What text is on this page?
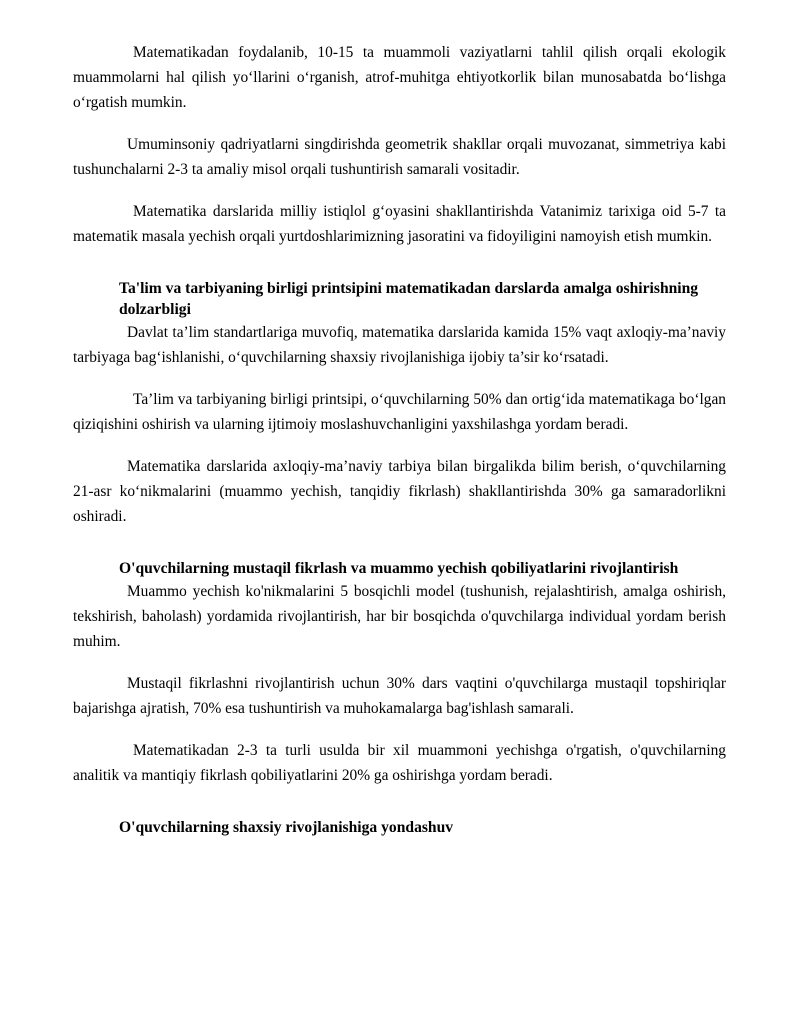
Matematikadan foydalanib, 10-15 ta muammoli vaziyatlarni tahlil qilish orqali ekologik muammolarni hal qilish yo‘llarini o‘rganish, atrof-muhitga ehtiyotkorlik bilan munosabatda bo‘lishga o‘rgatish mumkin.

Umuminsoniy qadriyatlarni singdirishda geometrik shakllar orqali muvozanat, simmetriya kabi tushunchalarni 2-3 ta amaliy misol orqali tushuntirish samarali vositadir.

Matematika darslarida milliy istiqlol g‘oyasini shakllantirishda Vatanimiz tarixiga oid 5-7 ta matematik masala yechish orqali yurtdoshlarimizning jasoratini va fidoyiligini namoyish etish mumkin.

Ta'lim va tarbiyaning birligi printsipini matematikadan darslarda amalga oshirishning dolzarbligi

Davlat ta’lim standartlariga muvofiq, matematika darslarida kamida 15% vaqt axloqiy-ma’naviy tarbiyaga bag‘ishlanishi, o‘quvchilarning shaxsiy rivojlanishiga ijobiy ta’sir ko‘rsatadi.

Ta’lim va tarbiyaning birligi printsipi, o‘quvchilarning 50% dan ortig‘ida matematikaga bo‘lgan qiziqishini oshirish va ularning ijtimoiy moslashuvchanligini yaxshilashga yordam beradi.

Matematika darslarida axloqiy-ma’naviy tarbiya bilan birgalikda bilim berish, o‘quvchilarning 21-asr ko‘nikmalarini (muammo yechish, tanqidiy fikrlash) shakllantirishda 30% ga samaradorlikni oshiradi.

O'quvchilarning mustaqil fikrlash va muammo yechish qobiliyatlarini rivojlantirish

Muammo yechish ko'nikmalarini 5 bosqichli model (tushunish, rejalashtirish, amalga oshirish, tekshirish, baholash) yordamida rivojlantirish, har bir bosqichda o'quvchilarga individual yordam berish muhim.

Mustaqil fikrlashni rivojlantirish uchun 30% dars vaqtini o'quvchilarga mustaqil topshiriqlar bajarishga ajratish, 70% esa tushuntirish va muhokamalarga bag'ishlash samarali.

Matematikadan 2-3 ta turli usulda bir xil muammoni yechishga o'rgatish, o'quvchilarning analitik va mantiqiy fikrlash qobiliyatlarini 20% ga oshirishga yordam beradi.

O'quvchilarning shaxsiy rivojlanishiga yondashuv
